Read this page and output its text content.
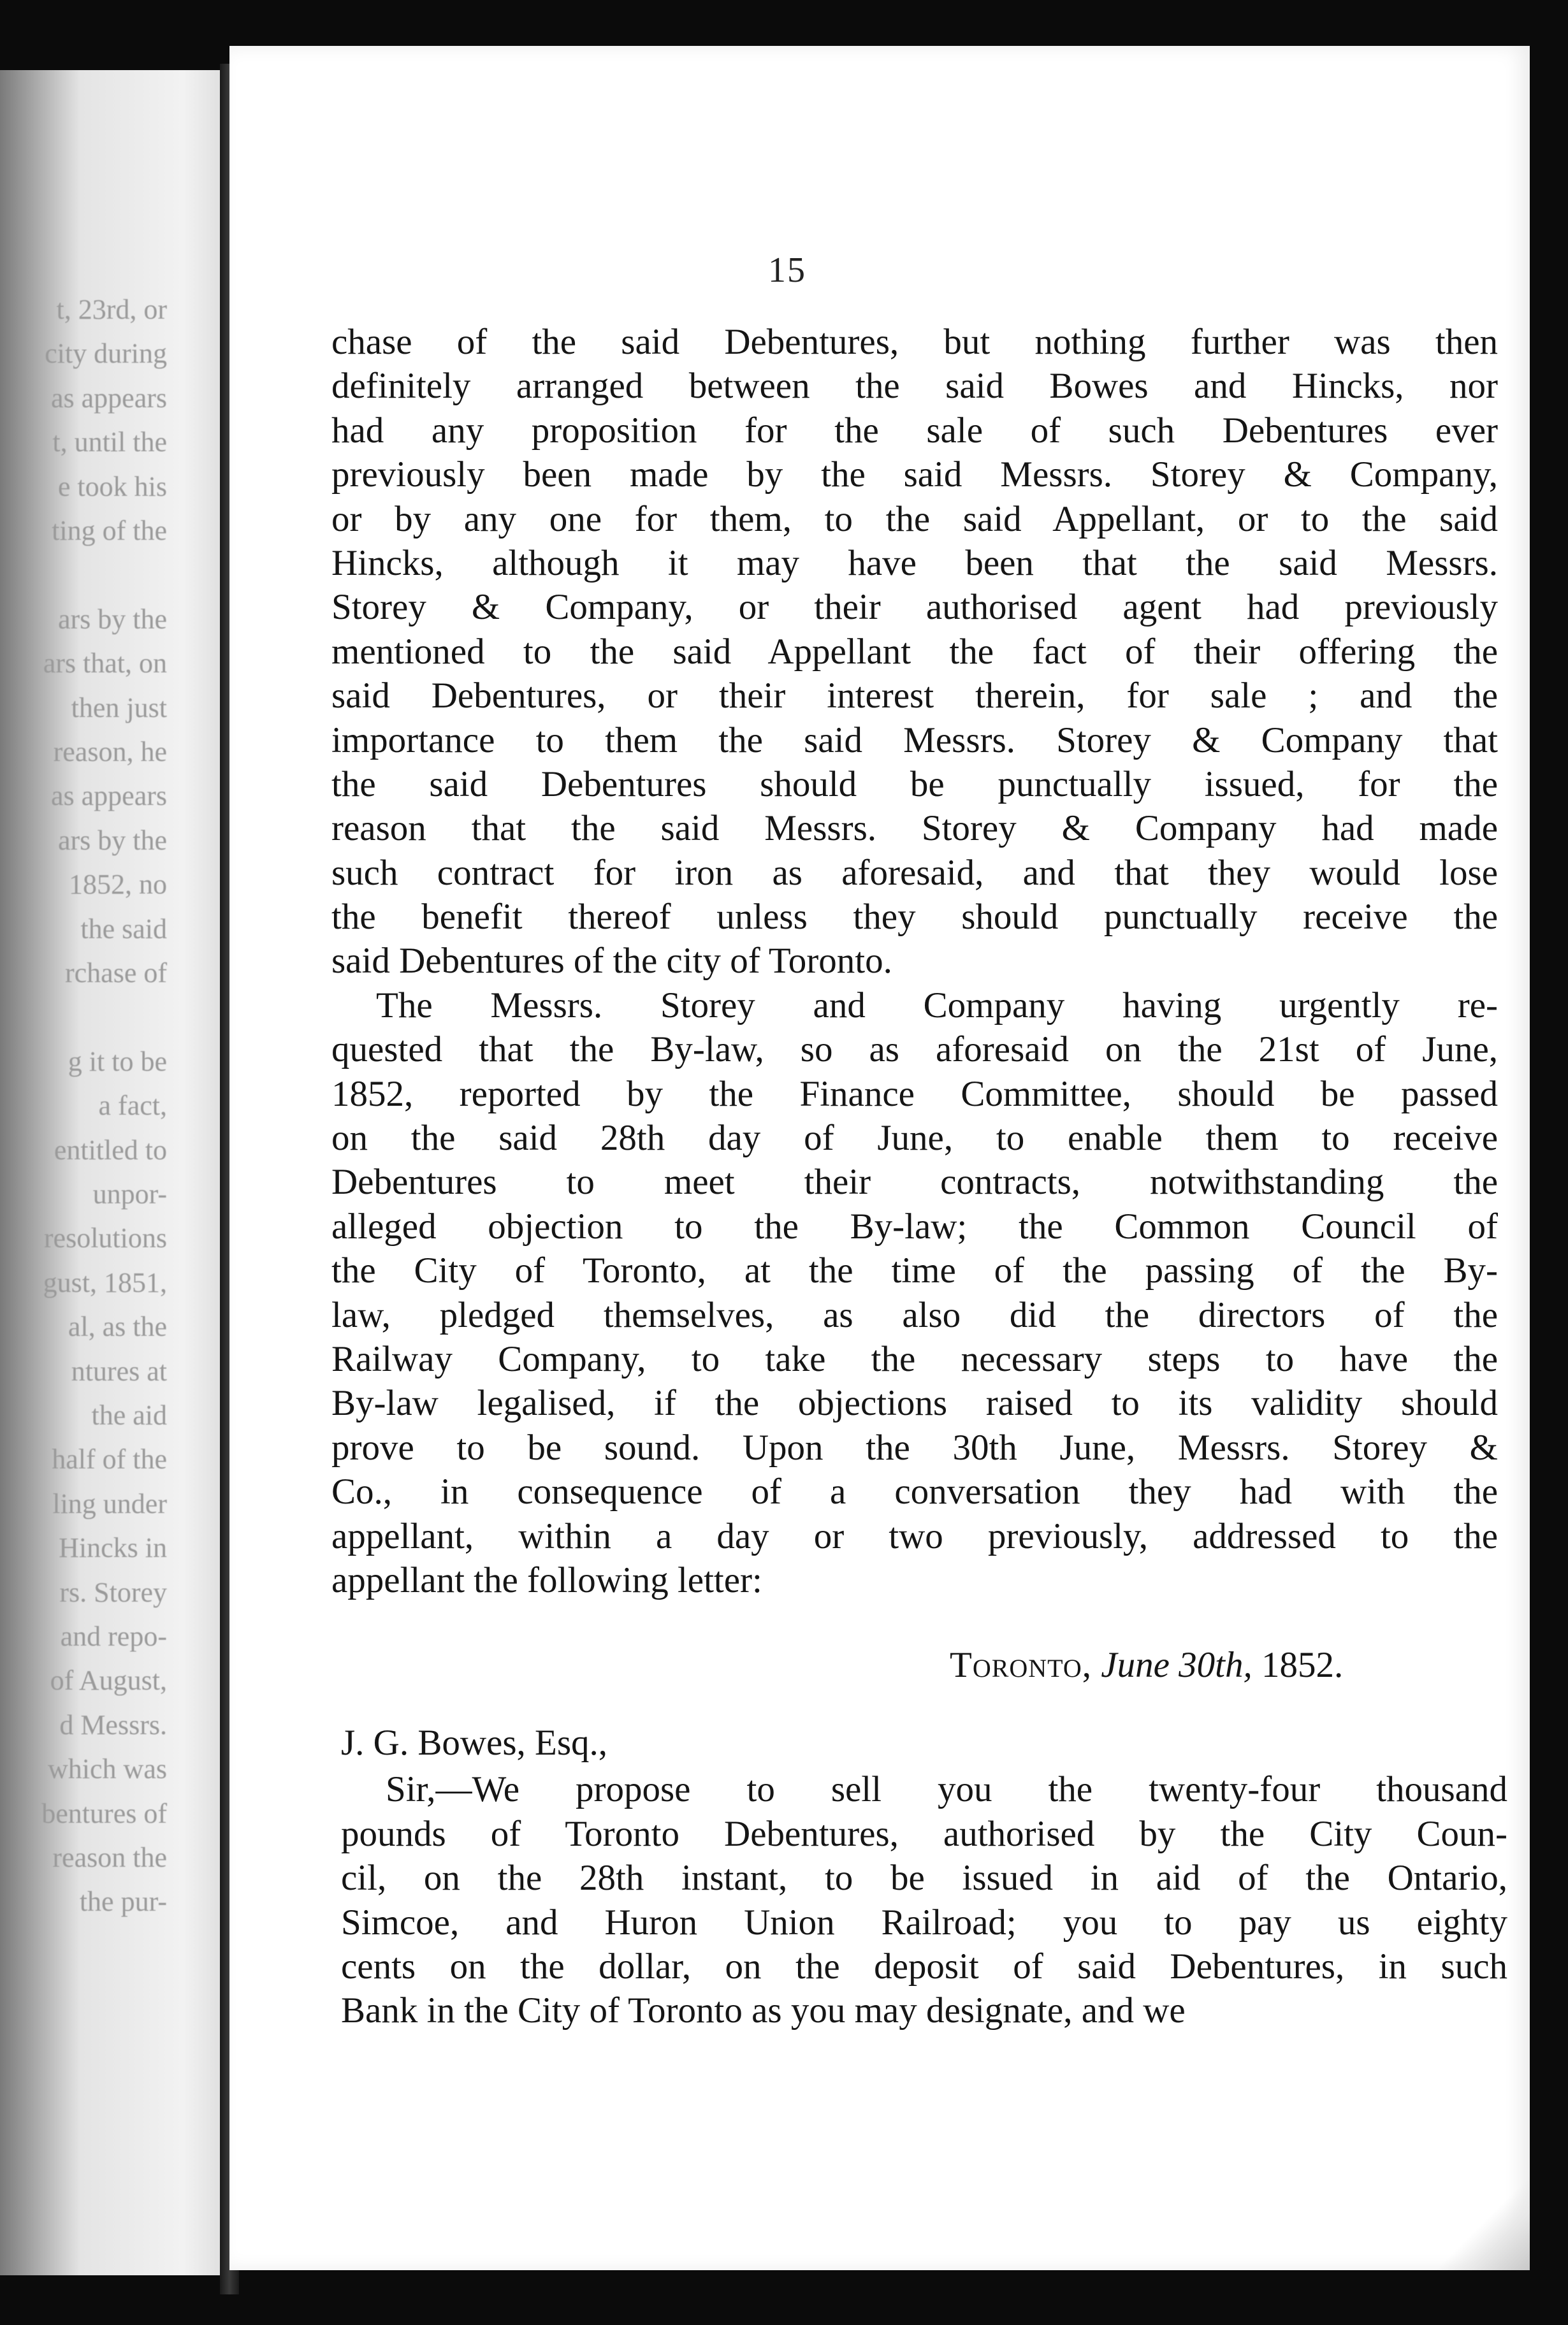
t, 23rd, or
city during
as appears
t, until the
e took his
ting of the
ars by the
ars that, on
then just
reason, he
as appears
ars by the
1852, no
the said
rchase of
g it to be
a fact,
entitled to
unpor-
resolutions
gust, 1851,
al, as the
ntures at
the aid
half of the
ling under
Hincks in
rs. Storey
and repo-
of August,
d Messrs.
which was
bentures of
reason the
the pur-
15
chase of the said Debentures, but nothing further was then
definitely arranged between the said Bowes and Hincks, nor
had any proposition for the sale of such Debentures ever
previously been made by the said Messrs. Storey & Company,
or by any one for them, to the said Appellant, or to the said
Hincks, although it may have been that the said Messrs.
Storey & Company, or their authorised agent had previously
mentioned to the said Appellant the fact of their offering the
said Debentures, or their interest therein, for sale ; and the
importance to them the said Messrs. Storey & Company that
the said Debentures should be punctually issued, for the
reason that the said Messrs. Storey & Company had made
such contract for iron as aforesaid, and that they would lose
the benefit thereof unless they should punctually receive the
said Debentures of the city of Toronto.
The Messrs. Storey and Company having urgently re-
quested that the By-law, so as aforesaid on the 21st of June,
1852, reported by the Finance Committee, should be passed
on the said 28th day of June, to enable them to receive
Debentures to meet their contracts, notwithstanding the
alleged objection to the By-law; the Common Council of
the City of Toronto, at the time of the passing of the By-
law, pledged themselves, as also did the directors of the
Railway Company, to take the necessary steps to have the
By-law legalised, if the objections raised to its validity should
prove to be sound. Upon the 30th June, Messrs. Storey &
Co., in consequence of a conversation they had with the
appellant, within a day or two previously, addressed to the
appellant the following letter:
Toronto, June 30th, 1852.
J. G. Bowes, Esq.,
Sir,—We propose to sell you the twenty-four thousand
pounds of Toronto Debentures, authorised by the City Coun-
cil, on the 28th instant, to be issued in aid of the Ontario,
Simcoe, and Huron Union Railroad; you to pay us eighty
cents on the dollar, on the deposit of said Debentures, in such
Bank in the City of Toronto as you may designate, and we
